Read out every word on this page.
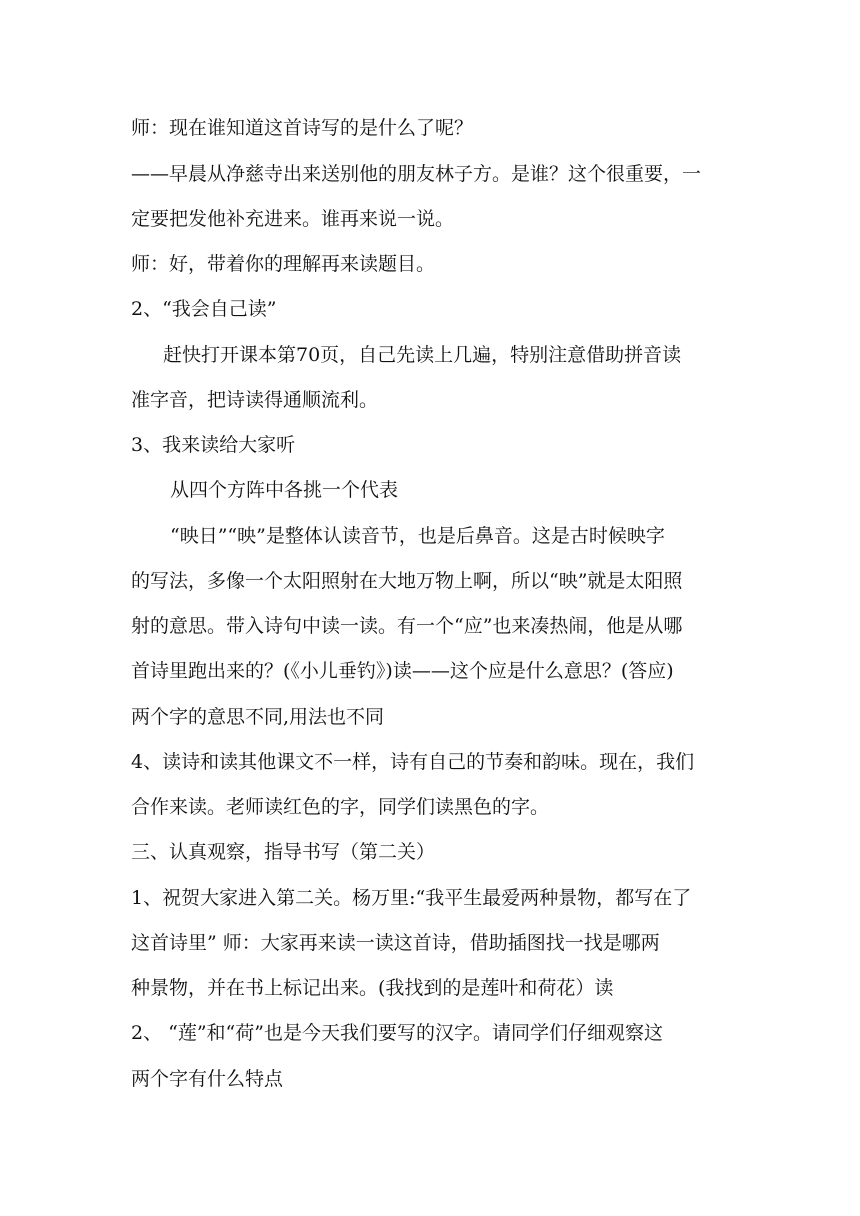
师：现在谁知道这首诗写的是什么了呢？

——早晨从净慈寺出来送别他的朋友林子方。是谁？这个很重要，一

定要把发他补充进来。谁再来说一说。

师：好，带着你的理解再来读题目。

2、“我会自己读”

赶快打开课本第70页，自己先读上几遍，特别注意借助拼音读

准字音，把诗读得通顺流利。

3、我来读给大家听

从四个方阵中各挑一个代表

“映日”“映”是整体认读音节，也是后鼻音。这是古时候映字

的写法，多像一个太阳照射在大地万物上啊，所以“映”就是太阳照

射的意思。带入诗句中读一读。有一个“应”也来凑热闹，他是从哪

首诗里跑出来的？(《小儿垂钓》)读——这个应是什么意思？(答应)

两个字的意思不同,用法也不同

4、读诗和读其他课文不一样，诗有自己的节奏和韵味。现在，我们

合作来读。老师读红色的字，同学们读黑色的字。

三、认真观察，指导书写（第二关）

1、祝贺大家进入第二关。杨万里:“我平生最爱两种景物，都写在了

这首诗里” 师：大家再来读一读这首诗，借助插图找一找是哪两

种景物，并在书上标记出来。(我找到的是莲叶和荷花）读

2、 “莲”和“荷”也是今天我们要写的汉字。请同学们仔细观察这

两个字有什么特点
